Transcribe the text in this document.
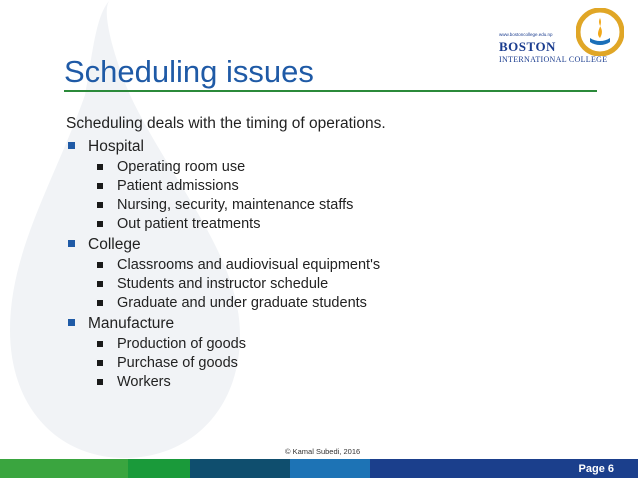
www.bostoncollege.edu.np
BOSTON
INTERNATIONAL COLLEGE
Scheduling issues

Scheduling deals with the timing of operations.

Hospital
Operating room use
Patient admissions
Nursing, security, maintenance staffs
Out patient treatments
College
Classrooms and audiovisual equipment's
Students and instructor schedule
Graduate and under graduate students
Manufacture
Production of goods
Purchase of goods
Workers
© Kamal Subedi, 2016
Page 6
